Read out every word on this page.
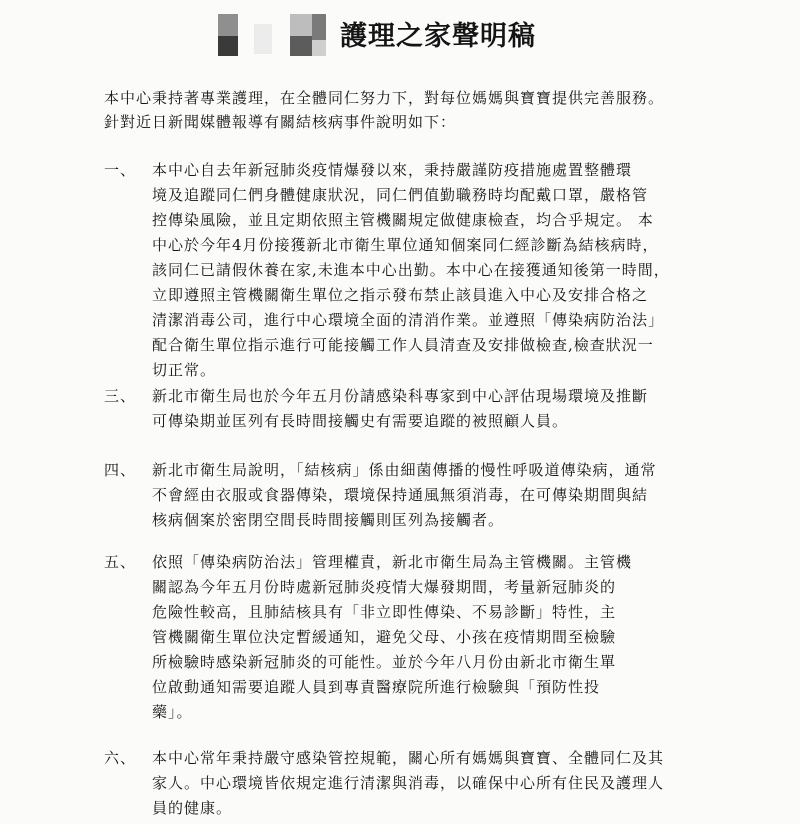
護理之家聲明稿
本中心秉持著專業護理，在全體同仁努力下，對每位媽媽與寶寶提供完善服務。
針對近日新聞媒體報導有關結核病事件說明如下：
一、	本中心自去年新冠肺炎疫情爆發以來，秉持嚴謹防疫措施處置整體環
境及追蹤同仁們身體健康狀況，同仁們值勤職務時均配戴口罩，嚴格管
控傳染風險，並且定期依照主管機關規定做健康檢查，均合乎規定。 本
中心於今年4月份接獲新北市衛生單位通知個案同仁經診斷為結核病時，
該同仁已請假休養在家,未進本中心出勤。本中心在接獲通知後第一時間，
立即遵照主管機關衛生單位之指示發布禁止該員進入中心及安排合格之
清潔消毒公司，進行中心環境全面的清消作業。並遵照「傳染病防治法」
配合衛生單位指示進行可能接觸工作人員清查及安排做檢查,檢查狀況一
切正常。
三、	新北市衛生局也於今年五月份請感染科專家到中心評估現場環境及推斷
可傳染期並匡列有長時間接觸史有需要追蹤的被照顧人員。
四、	新北市衛生局說明，「結核病」係由細菌傳播的慢性呼吸道傳染病，通常
不會經由衣服或食器傳染，環境保持通風無須消毒，在可傳染期間與結
核病個案於密閉空間長時間接觸則匡列為接觸者。
五、	依照「傳染病防治法」管理權責，新北市衛生局為主管機關。主管機
關認為今年五月份時處新冠肺炎疫情大爆發期間，考量新冠肺炎的
危險性較高，且肺結核具有「非立即性傳染、不易診斷」特性，主
管機關衛生單位決定暫緩通知，避免父母、小孩在疫情期間至檢驗
所檢驗時感染新冠肺炎的可能性。並於今年八月份由新北市衛生單
位啟動通知需要追蹤人員到專責醫療院所進行檢驗與「預防性投
藥」。
六、	本中心常年秉持嚴守感染管控規範，關心所有媽媽與寶寶、全體同仁及其
家人。中心環境皆依規定進行清潔與消毒，以確保中心所有住民及護理人
員的健康。
